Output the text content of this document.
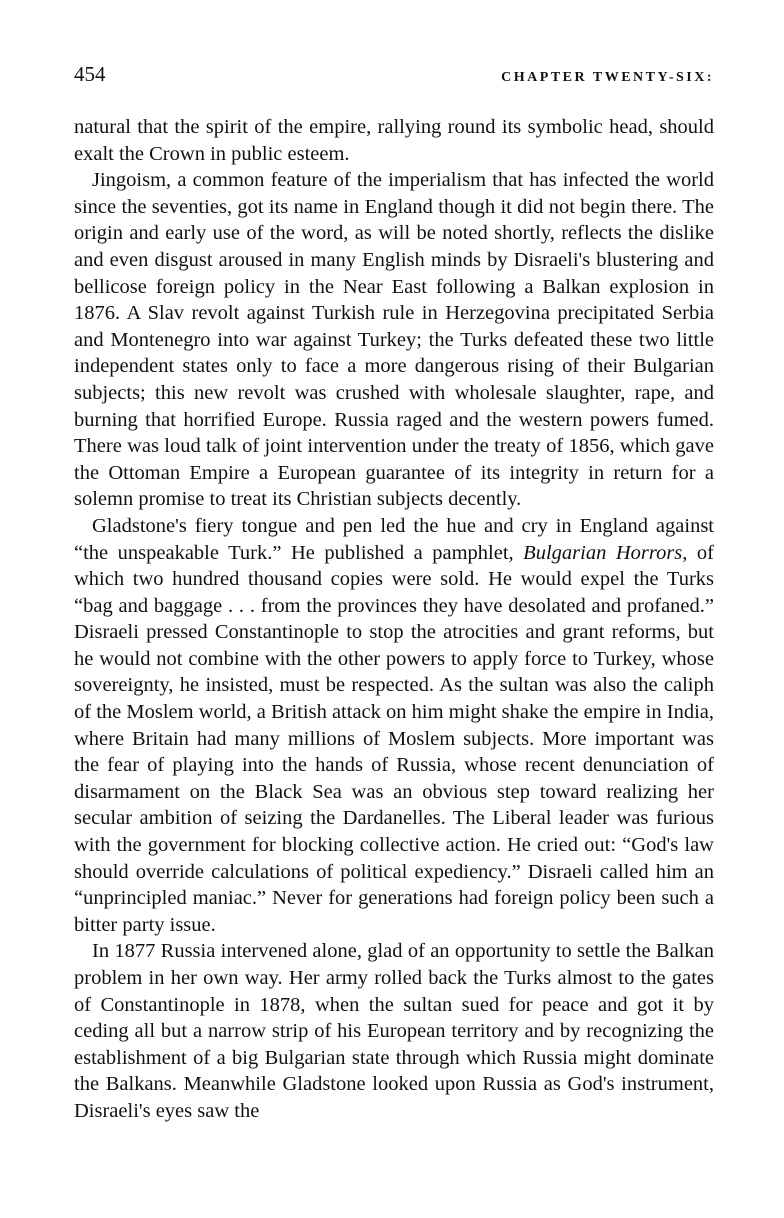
454	CHAPTER TWENTY-SIX:

natural that the spirit of the empire, rallying round its symbolic head, should exalt the Crown in public esteem.

Jingoism, a common feature of the imperialism that has infected the world since the seventies, got its name in England though it did not begin there. The origin and early use of the word, as will be noted shortly, reflects the dislike and even disgust aroused in many English minds by Disraeli's blustering and bellicose foreign policy in the Near East following a Balkan explosion in 1876. A Slav revolt against Turkish rule in Herzegovina precipitated Serbia and Montenegro into war against Turkey; the Turks defeated these two little independent states only to face a more dangerous rising of their Bulgarian subjects; this new revolt was crushed with wholesale slaughter, rape, and burning that horrified Europe. Russia raged and the western powers fumed. There was loud talk of joint intervention under the treaty of 1856, which gave the Ottoman Empire a European guarantee of its integrity in return for a solemn promise to treat its Christian subjects decently.

Gladstone's fiery tongue and pen led the hue and cry in England against “the unspeakable Turk.” He published a pamphlet, Bulgarian Horrors, of which two hundred thousand copies were sold. He would expel the Turks “bag and baggage . . . from the provinces they have desolated and profaned.” Disraeli pressed Constantinople to stop the atrocities and grant reforms, but he would not combine with the other powers to apply force to Turkey, whose sovereignty, he insisted, must be respected. As the sultan was also the caliph of the Moslem world, a British attack on him might shake the empire in India, where Britain had many millions of Moslem subjects. More important was the fear of playing into the hands of Russia, whose recent denunciation of disarmament on the Black Sea was an obvious step toward realizing her secular ambition of seizing the Dardanelles. The Liberal leader was furious with the government for blocking collective action. He cried out: “God's law should override calculations of political expediency.” Disraeli called him an “unprincipled maniac.” Never for generations had foreign policy been such a bitter party issue.

In 1877 Russia intervened alone, glad of an opportunity to settle the Balkan problem in her own way. Her army rolled back the Turks almost to the gates of Constantinople in 1878, when the sultan sued for peace and got it by ceding all but a narrow strip of his European territory and by recognizing the establishment of a big Bulgarian state through which Russia might dominate the Balkans. Meanwhile Gladstone looked upon Russia as God's instrument, Disraeli's eyes saw the
